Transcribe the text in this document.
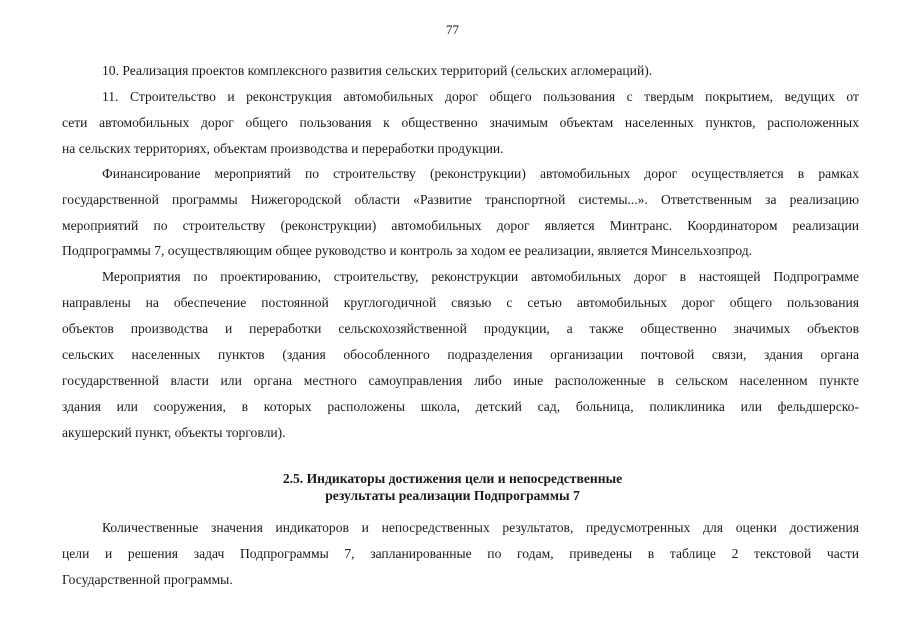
77
10. Реализация проектов комплексного развития сельских территорий (сельских агломераций).
11. Строительство и реконструкция автомобильных дорог общего пользования с твердым покрытием, ведущих от
сети автомобильных дорог общего пользования к общественно значимым объектам населенных пунктов, расположенных
на сельских территориях, объектам производства и переработки продукции.
Финансирование мероприятий по строительству (реконструкции) автомобильных дорог осуществляется в рамках
государственной программы Нижегородской области «Развитие транспортной системы...». Ответственным за реализацию
мероприятий по строительству (реконструкции) автомобильных дорог является Минтранс. Координатором реализации
Подпрограммы 7, осуществляющим общее руководство и контроль за ходом ее реализации, является Минсельхозпрод.
Мероприятия по проектированию, строительству, реконструкции автомобильных дорог в настоящей Подпрограмме
направлены на обеспечение постоянной круглогодичной связью с сетью автомобильных дорог общего пользования
объектов производства и переработки сельскохозяйственной продукции, а также общественно значимых объектов
сельских населенных пунктов (здания обособленного подразделения организации почтовой связи, здания органа
государственной власти или органа местного самоуправления либо иные расположенные в сельском населенном пункте
здания или сооружения, в которых расположены школа, детский сад, больница, поликлиника или фельдшерско-
акушерский пункт, объекты торговли).
2.5. Индикаторы достижения цели и непосредственные
результаты реализации Подпрограммы 7
Количественные значения индикаторов и непосредственных результатов, предусмотренных для оценки достижения
цели и решения задач Подпрограммы 7, запланированные по годам, приведены в таблице 2 текстовой части
Государственной программы.
